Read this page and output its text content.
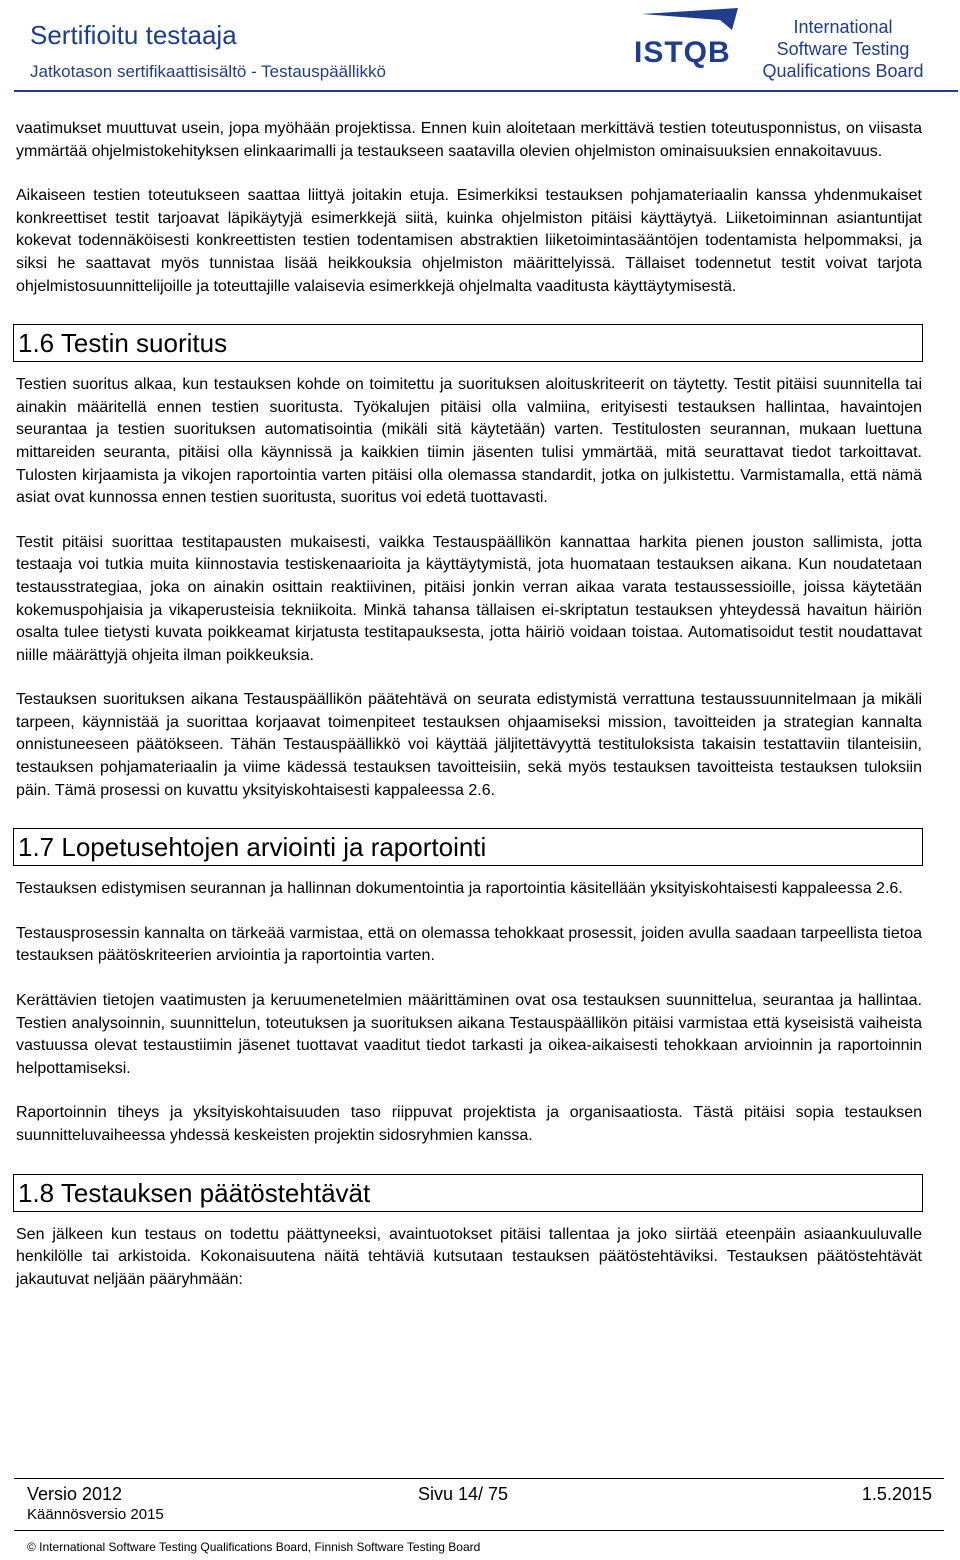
Sertifioitu testaaja
Jatkotason sertifikaattisisältö - Testauspäällikkö
ISTQB
International
Software Testing
Qualifications Board

vaatimukset muuttuvat usein, jopa myöhään projektissa. Ennen kuin aloitetaan merkittävä testien toteutusponnistus, on viisasta ymmärtää ohjelmistokehityksen elinkaarimalli ja testaukseen saatavilla olevien ohjelmiston ominaisuuksien ennakoitavuus.

Aikaiseen testien toteutukseen saattaa liittyä joitakin etuja. Esimerkiksi testauksen pohjamateriaalin kanssa yhdenmukaiset konkreettiset testit tarjoavat läpikäytyjä esimerkkejä siitä, kuinka ohjelmiston pitäisi käyttäytyä. Liiketoiminnan asiantuntijat kokevat todennäköisesti konkreettisten testien todentamisen abstraktien liiketoimintasääntöjen todentamista helpommaksi, ja siksi he saattavat myös tunnistaa lisää heikkouksia ohjelmiston määrittelyissä. Tällaiset todennetut testit voivat tarjota ohjelmistosuunnittelijoille ja toteuttajille valaisevia esimerkkejä ohjelmalta vaaditusta käyttäytymisestä.

1.6 Testin suoritus

Testien suoritus alkaa, kun testauksen kohde on toimitettu ja suorituksen aloituskriteerit on täytetty. Testit pitäisi suunnitella tai ainakin määritellä ennen testien suoritusta. Työkalujen pitäisi olla valmiina, erityisesti testauksen hallintaa, havaintojen seurantaa ja testien suorituksen automatisointia (mikäli sitä käytetään) varten. Testitulosten seurannan, mukaan luettuna mittareiden seuranta, pitäisi olla käynnissä ja kaikkien tiimin jäsenten tulisi ymmärtää, mitä seurattavat tiedot tarkoittavat. Tulosten kirjaamista ja vikojen raportointia varten pitäisi olla olemassa standardit, jotka on julkistettu. Varmistamalla, että nämä asiat ovat kunnossa ennen testien suoritusta, suoritus voi edetä tuottavasti.

Testit pitäisi suorittaa testitapausten mukaisesti, vaikka Testauspäällikön kannattaa harkita pienen jouston sallimista, jotta testaaja voi tutkia muita kiinnostavia testiskenaarioita ja käyttäytymistä, jota huomataan testauksen aikana. Kun noudatetaan testausstrategiaa, joka on ainakin osittain reaktiivinen, pitäisi jonkin verran aikaa varata testaussessioille, joissa käytetään kokemuspohjaisia ja vikaperusteisia tekniikoita. Minkä tahansa tällaisen ei-skriptatun testauksen yhteydessä havaitun häiriön osalta tulee tietysti kuvata poikkeamat kirjatusta testitapauksesta, jotta häiriö voidaan toistaa. Automatisoidut testit noudattavat niille määrättyjä ohjeita ilman poikkeuksia.

Testauksen suorituksen aikana Testauspäällikön päätehtävä on seurata edistymistä verrattuna testaussuunnitelmaan ja mikäli tarpeen, käynnistää ja suorittaa korjaavat toimenpiteet testauksen ohjaamiseksi mission, tavoitteiden ja strategian kannalta onnistuneeseen päätökseen. Tähän Testauspäällikkö voi käyttää jäljitettävyyttä testituloksista takaisin testattaviin tilanteisiin, testauksen pohjamateriaalin ja viime kädessä testauksen tavoitteisiin, sekä myös testauksen tavoitteista testauksen tuloksiin päin. Tämä prosessi on kuvattu yksityiskohtaisesti kappaleessa 2.6.

1.7 Lopetusehtojen arviointi ja raportointi

Testauksen edistymisen seurannan ja hallinnan dokumentointia ja raportointia käsitellään yksityiskohtaisesti kappaleessa 2.6.

Testausprosessin kannalta on tärkeää varmistaa, että on olemassa tehokkaat prosessit, joiden avulla saadaan tarpeellista tietoa testauksen päätöskriteerien arviointia ja raportointia varten.

Kerättävien tietojen vaatimusten ja keruumenetelmien määrittäminen ovat osa testauksen suunnittelua, seurantaa ja hallintaa. Testien analysoinnin, suunnittelun, toteutuksen ja suorituksen aikana Testauspäällikön pitäisi varmistaa että kyseisistä vaiheista vastuussa olevat testaustiimin jäsenet tuottavat vaaditut tiedot tarkasti ja oikea-aikaisesti tehokkaan arvioinnin ja raportoinnin helpottamiseksi.

Raportoinnin tiheys ja yksityiskohtaisuuden taso riippuvat projektista ja organisaatiosta. Tästä pitäisi sopia testauksen suunnitteluvaiheessa yhdessä keskeisten projektin sidosryhmien kanssa.

1.8 Testauksen päätöstehtävät

Sen jälkeen kun testaus on todettu päättyneeksi, avaintuotokset pitäisi tallentaa ja joko siirtää eteenpäin asiaankuuluvalle henkilölle tai arkistoida. Kokonaisuutena näitä tehtäviä kutsutaan testauksen päätöstehtäviksi. Testauksen päätöstehtävät jakautuvat neljään pääryhmään:

Versio 2012
Käännösversio 2015
Sivu 14/ 75	1.5.2015
© International Software Testing Qualifications Board, Finnish Software Testing Board
